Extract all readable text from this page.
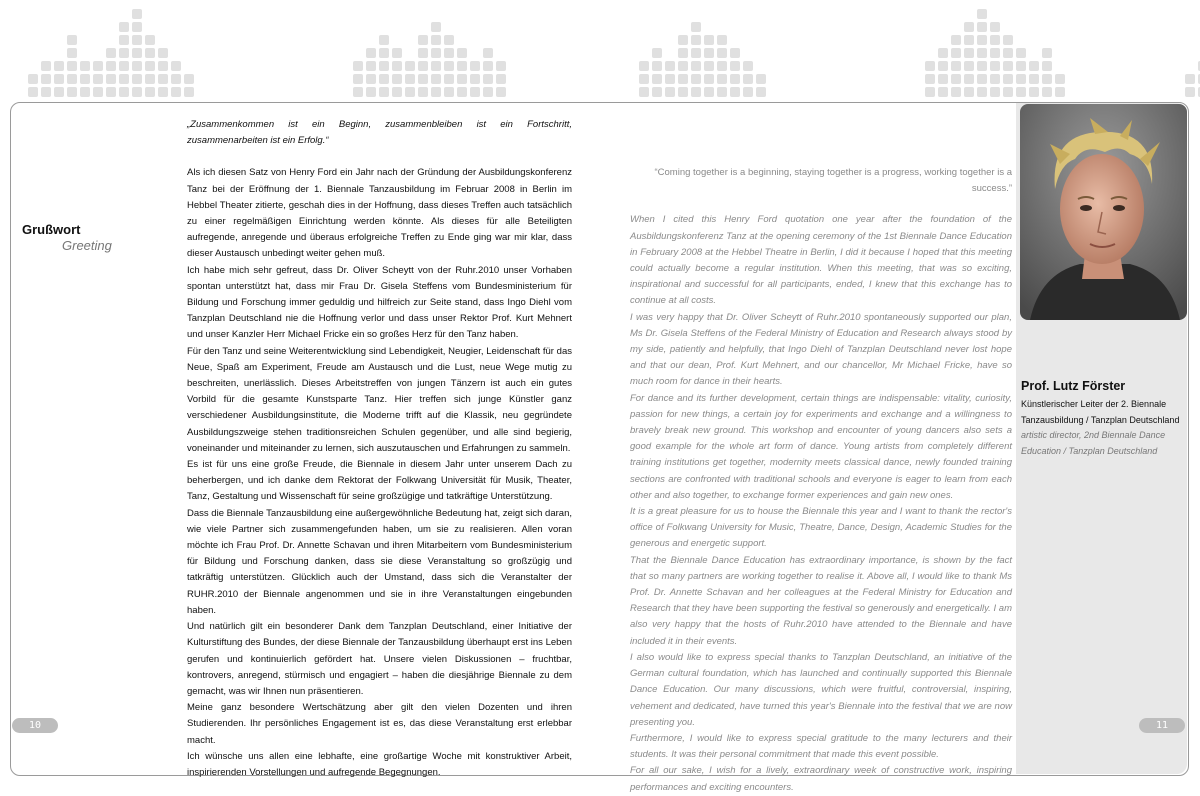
Grußwort
Greeting

„Zusammenkommen ist ein Beginn, zusammenbleiben ist ein Fortschritt, zusammenarbeiten ist ein Erfolg.“

Als ich diesen Satz von Henry Ford ein Jahr nach der Gründung der Ausbildungskonferenz Tanz bei der Eröffnung der 1. Biennale Tanzausbildung im Februar 2008 in Berlin im Hebbel Theater zitierte, geschah dies in der Hoffnung, dass dieses Treffen auch tatsächlich zu einer regelmäßigen Einrichtung werden könnte. Als dieses für alle Beteiligten aufregende, anregende und überaus erfolgreiche Treffen zu Ende ging war mir klar, dass dieser Austausch unbedingt weiter gehen muß.

Ich habe mich sehr gefreut, dass Dr. Oliver Scheytt von der Ruhr.2010 unser Vorhaben spontan unterstützt hat, dass mir Frau Dr. Gisela Steffens vom Bundesministerium für Bildung und Forschung immer geduldig und hilfreich zur Seite stand, dass Ingo Diehl vom Tanzplan Deutschland nie die Hoffnung verlor und dass unser Rektor Prof. Kurt Mehnert und unser Kanzler Herr Michael Fricke ein so großes Herz für den Tanz haben.

Für den Tanz und seine Weiterentwicklung sind Lebendigkeit, Neugier, Leidenschaft für das Neue, Spaß am Experiment, Freude am Austausch und die Lust, neue Wege mutig zu beschreiten, unerlässlich. Dieses Arbeitstreffen von jungen Tänzern ist auch ein gutes Vorbild für die gesamte Kunstsparte Tanz. Hier treffen sich junge Künstler ganz verschiedener Ausbildungsinstitute, die Moderne trifft auf die Klassik, neu gegründete Ausbildungszweige stehen traditionsreichen Schulen gegenüber, und alle sind begierig, voneinander und miteinander zu lernen, sich auszutauschen und Erfahrungen zu sammeln.

Es ist für uns eine große Freude, die Biennale in diesem Jahr unter unserem Dach zu beherbergen, und ich danke dem Rektorat der Folkwang Universität für Musik, Theater, Tanz, Gestaltung und Wissenschaft für seine großzügige und tatkräftige Unterstützung.

Dass die Biennale Tanzausbildung eine außergewöhnliche Bedeutung hat, zeigt sich daran, wie viele Partner sich zusammengefunden haben, um sie zu realisieren. Allen voran möchte ich Frau Prof. Dr. Annette Schavan und ihren Mitarbeitern vom Bundesministerium für Bildung und Forschung danken, dass sie diese Veranstaltung so großzügig und tatkräftig unterstützen. Glücklich auch der Umstand, dass sich die Veranstalter der RUHR.2010 der Biennale angenommen und sie in ihre Veranstaltungen eingebunden haben.

Und natürlich gilt ein besonderer Dank dem Tanzplan Deutschland, einer Initiative der Kulturstiftung des Bundes, der diese Biennale der Tanzausbildung überhaupt erst ins Leben gerufen und kontinuierlich gefördert hat. Unsere vielen Diskussionen – fruchtbar, kontrovers, anregend, stürmisch und engagiert – haben die diesjährige Biennale zu dem gemacht, was wir Ihnen nun präsentieren.

Meine ganz besondere Wertschätzung aber gilt den vielen Dozenten und ihren Studierenden. Ihr persönliches Engagement ist es, das diese Veranstaltung erst erlebbar macht.

Ich wünsche uns allen eine lebhafte, eine großartige Woche mit konstruktiver Arbeit, inspirierenden Vorstellungen und aufregende Begegnungen.

“Coming together is a beginning, staying together is a progress, working together is a success.”

When I cited this Henry Ford quotation one year after the foundation of the Ausbildungskonferenz Tanz at the opening ceremony of the 1st Biennale Dance Education in February 2008 at the Hebbel Theatre in Berlin, I did it because I hoped that this meeting could actually become a regular institution. When this meeting, that was so exciting, inspirational and successful for all participants, ended, I knew that this exchange has to continue at all costs.

I was very happy that Dr. Oliver Scheytt of Ruhr.2010 spontaneously supported our plan, Ms Dr. Gisela Steffens of the Federal Ministry of Education and Research always stood by my side, patiently and helpfully, that Ingo Diehl of Tanzplan Deutschland never lost hope and that our dean, Prof. Kurt Mehnert, and our chancellor, Mr Michael Fricke, have so much room for dance in their hearts.

For dance and its further development, certain things are indispensable: vitality, curiosity, passion for new things, a certain joy for experiments and exchange and a willingness to bravely break new ground. This workshop and encounter of young dancers also sets a good example for the whole art form of dance. Young artists from completely different training institutions get together, modernity meets classical dance, newly founded training sections are confronted with traditional schools and everyone is eager to learn from each other and also together, to exchange former experiences and gain new ones.

It is a great pleasure for us to house the Biennale this year and I want to thank the rector's office of Folkwang University for Music, Theatre, Dance, Design, Academic Studies for the generous and energetic support.

That the Biennale Dance Education has extraordinary importance, is shown by the fact that so many partners are working together to realise it. Above all, I would like to thank Ms Prof. Dr. Annette Schavan and her colleagues at the Federal Ministry for Education and Research that they have been supporting the festival so generously and energetically. I am also very happy that the hosts of Ruhr.2010 have attended to the Biennale and have included it in their events.

I also would like to express special thanks to Tanzplan Deutschland, an initiative of the German cultural foundation, which has launched and continually supported this Biennale Dance Education. Our many discussions, which were fruitful, controversial, inspiring, vehement and dedicated, have turned this year's Biennale into the festival that we are now presenting you.

Furthermore, I would like to express special gratitude to the many lecturers and their students. It was their personal commitment that made this event possible.

For all our sake, I wish for a lively, extraordinary week of constructive work, inspiring performances and exciting encounters.

Prof. Lutz Förster
Künstlerischer Leiter der 2. Biennale Tanzausbildung / Tanzplan Deutschland
artistic director, 2nd Biennale Dance Education / Tanzplan Deutschland
10	11
